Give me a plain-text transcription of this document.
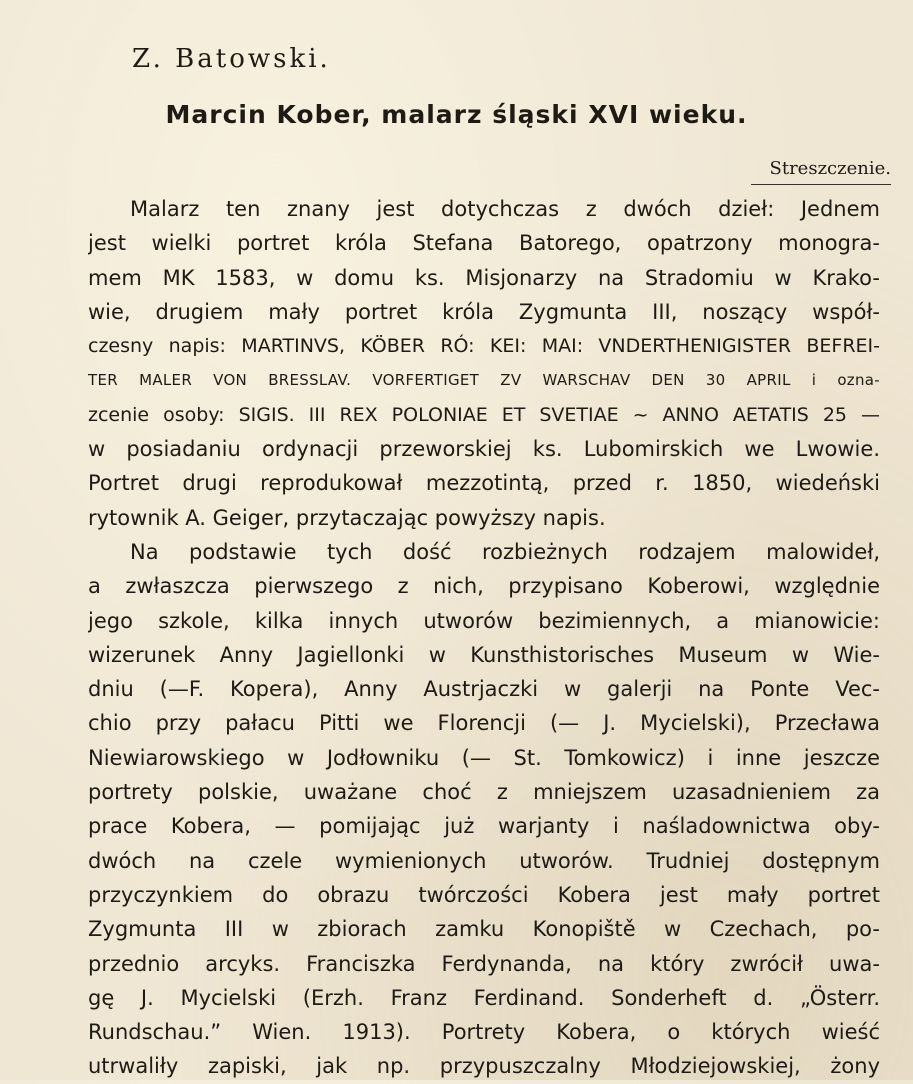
Z. Batowski.
Marcin Kober, malarz śląski XVI wieku.
Streszczenie.
Malarz ten znany jest dotychczas z dwóch dzieł: Jednem
jest wielki portret króla Stefana Batorego, opatrzony monogra-
mem MK 1583, w domu ks. Misjonarzy na Stradomiu w Krako-
wie, drugiem mały portret króla Zygmunta III, noszący współ-
czesny napis: MARTINVS, KÖBER RÓ: KEI: MAI: VNDERTHENIGISTER BEFREI-
TER MALER VON BRESSLAV. VORFERTIGET ZV WARSCHAV DEN 30 APRIL i ozna-
zcenie osoby: SIGIS. III REX POLONIAE ET SVETIAE ~ ANNO AETATIS 25 —
w posiadaniu ordynacji przeworskiej ks. Lubomirskich we Lwowie.
Portret drugi reprodukował mezzotintą, przed r. 1850, wiedeński
rytownik A. Geiger, przytaczając powyższy napis.
Na podstawie tych dość rozbieżnych rodzajem malowideł,
a zwłaszcza pierwszego z nich, przypisano Koberowi, względnie
jego szkole, kilka innych utworów bezimiennych, a mianowicie:
wizerunek Anny Jagiellonki w Kunsthistorisches Museum w Wie-
dniu (—F. Kopera), Anny Austrjaczki w galerji na Ponte Vec-
chio przy pałacu Pitti we Florencji (— J. Mycielski), Przecława
Niewiarowskiego w Jodłowniku (— St. Tomkowicz) i inne jeszcze
portrety polskie, uważane choć z mniejszem uzasadnieniem za
prace Kobera, — pomijając już warjanty i naśladownictwa oby-
dwóch na czele wymienionych utworów. Trudniej dostępnym
przyczynkiem do obrazu twórczości Kobera jest mały portret
Zygmunta III w zbiorach zamku Konopiště w Czechach, po-
przednio arcyks. Franciszka Ferdynanda, na który zwrócił uwa-
gę J. Mycielski (Erzh. Franz Ferdinand. Sonderheft d. „Österr.
Rundschau.” Wien. 1913). Portrety Kobera, o których wieść
utrwaliły zapiski, jak np. przypuszczalny Młodziejowskiej, żony
